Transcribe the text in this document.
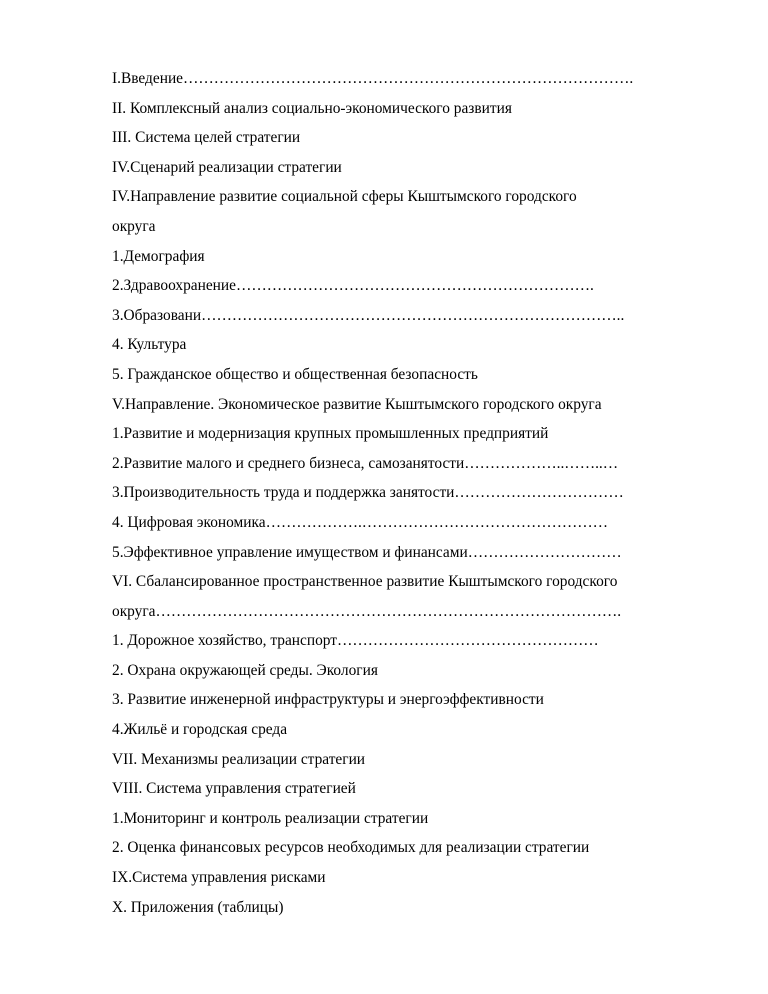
I.Введение…………………………………………………………………………….
II. Комплексный анализ социально-экономического развития
III. Система целей стратегии
IV.Сценарий реализации стратегии
IV.Направление развитие социальной сферы Кыштымского городского
округа
1.Демография
2.Здравоохранение…………………………………………………………….
3.Образовани………………………………………………………………………..
4. Культура
5. Гражданское общество и общественная безопасность
V.Направление. Экономическое развитие Кыштымского городского округа
1.Развитие и модернизация крупных промышленных предприятий
2.Развитие малого и среднего бизнеса, самозанятости………………..……..…
3.Производительность труда и поддержка занятости……………………………
4. Цифровая экономика……………….…………………………………………
5.Эффективное управление имуществом и финансами…………………………
VI. Сбалансированное пространственное развитие Кыштымского городского
округа……………………………………………………………………………….
1. Дорожное хозяйство, транспорт……………………………………………
2. Охрана окружающей среды. Экология
3. Развитие инженерной инфраструктуры и энергоэффективности
4.Жильё и городская среда
VII. Механизмы реализации стратегии
VIII. Система управления стратегией
1.Мониторинг и контроль реализации стратегии
2. Оценка финансовых ресурсов необходимых для реализации стратегии
IX.Система управления рисками
X. Приложения (таблицы)
